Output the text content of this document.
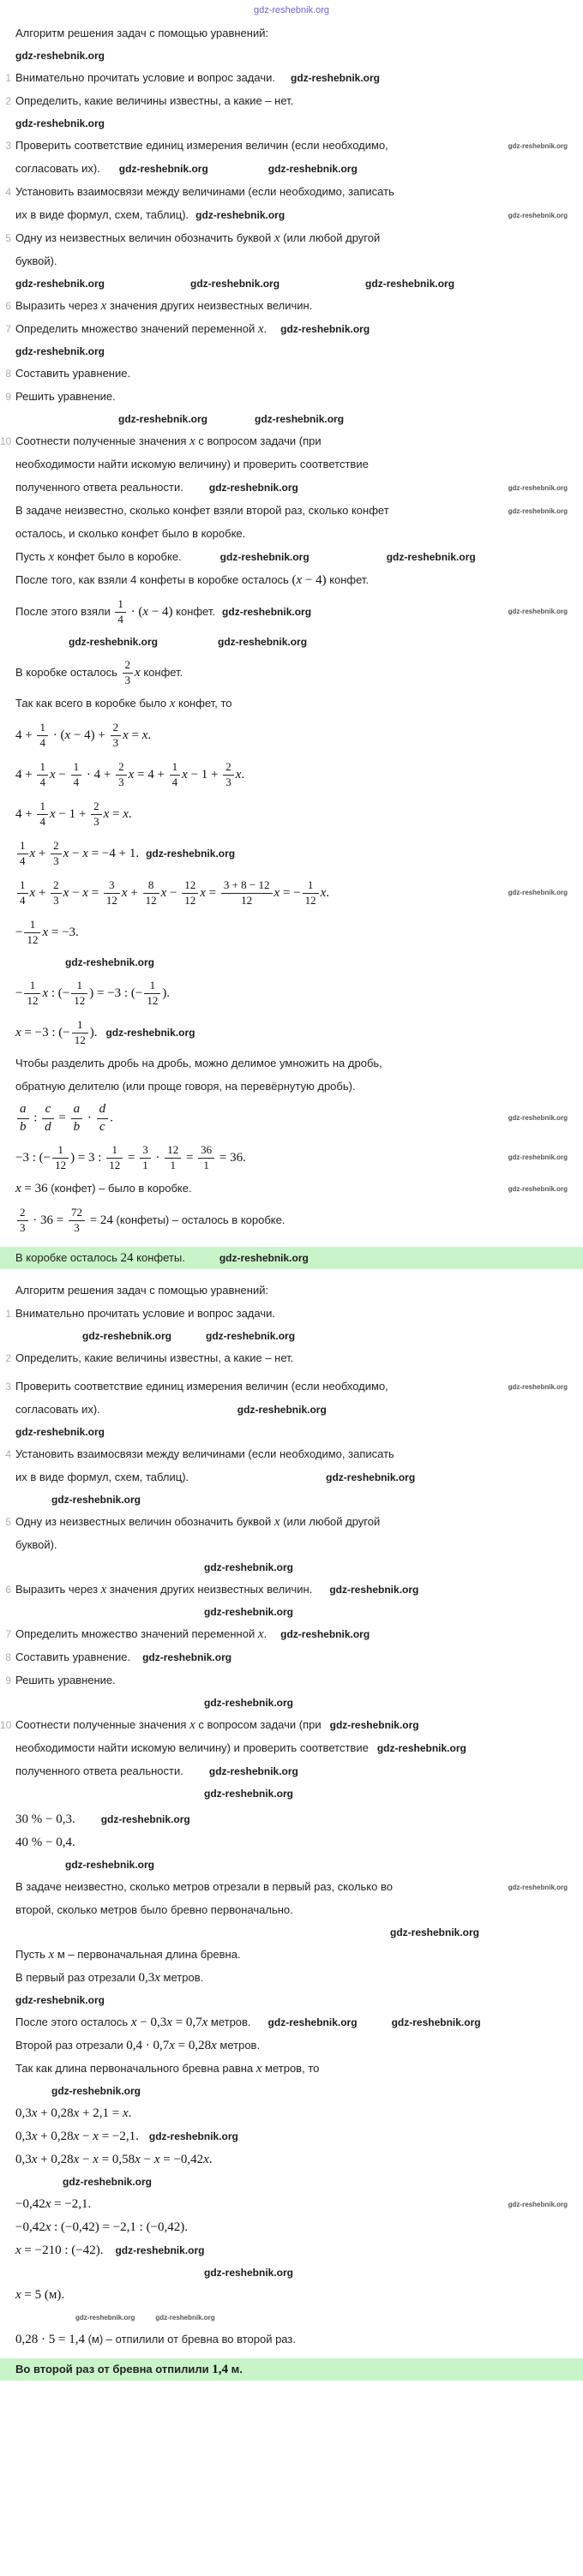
gdz-reshebnik.org
Алгоритм решения задач с помощью уравнений:
gdz-reshebnik.org
1 Внимательно прочитать условие и вопрос задачи. gdz-reshebnik.org
2 Определить, какие величины известны, а какие – нет.
gdz-reshebnik.org
3 Проверить соответствие единиц измерения величин (если необходимо,	gdz-reshebnik.org
согласовать их). gdz-reshebnik.org	gdz-reshebnik.org
4 Установить взаимосвязи между величинами (если необходимо, записать
их в виде формул, схем, таблиц). gdz-reshebnik.org	gdz-reshebnik.org
5 Одну из неизвестных величин обозначить буквой x (или любой другой
буквой).
gdz-reshebnik.org	gdz-reshebnik.org	gdz-reshebnik.org
6 Выразить через x значения других неизвестных величин.
7 Определить множество значений переменной x. gdz-reshebnik.org
gdz-reshebnik.org
8 Составить уравнение.
9 Решить уравнение.
gdz-reshebnik.org	gdz-reshebnik.org
10 Соотнести полученные значения x с вопросом задачи (при
необходимости найти искомую величину) и проверить соответствие
полученного ответа реальности.	gdz-reshebnik.org	gdz-reshebnik.org
В задаче неизвестно, сколько конфет взяли второй раз, сколько конфет	gdz-reshebnik.org
осталось, и сколько конфет было в коробке.
Пусть x конфет было в коробке.	gdz-reshebnik.org	gdz-reshebnik.org
После того, как взяли 4 конфеты в коробке осталось (x − 4) конфет.
После этого взяли $\frac{1}{4} \cdot (x - 4)$ конфет. gdz-reshebnik.org	gdz-reshebnik.org
gdz-reshebnik.org	gdz-reshebnik.org
В коробке осталось $\frac{2}{3}$ x конфет.
Так как всего в коробке было x конфет, то
$4 + \frac{1}{4} \cdot (x - 4) + \frac{2}{3}$ x = x.
$4 + \frac{1}{4}$ $x - \frac{1}{4} \cdot 4 + \frac{2}{3}$ $x = 4 + \frac{1}{4}$ $x - 1 + \frac{2}{3} x$.
$4 + \frac{1}{4}$ $x - 1 + \frac{2}{3}$ x = x.
$\frac{1}{4}$ $x + \frac{2}{3}$ x − x = −4 + 1. gdz-reshebnik.org
$\frac{1}{4}$ $x + \frac{2}{3}$ $x - x = \frac{3}{12}$ $x + \frac{8}{12}$ $x - \frac{12}{12}$ $x = \frac{3 + 8 - 12}{12}$ x = − $\frac{1}{12} x$.	gdz-reshebnik.org
− $\frac{1}{12}$ x = −3.
gdz-reshebnik.org
− $\frac{1}{12}$ x : (− $\frac{1}{12}$ ) = −3 : (− $\frac{1}{12}$ ).
x = −3 : (− $\frac{1}{12}$ ). gdz-reshebnik.org
Чтобы разделить дробь на дробь, можно делимое умножить на дробь,
обратную делителю (или проще говоря, на перевёрнутую дробь).
$\frac{a}{b}$ : $\frac{c}{d} = \frac{a}{b} \cdot \frac{d}{c}$ .	gdz-reshebnik.org
−3 : (− $\frac{1}{12}$ ) = 3 : $\frac{1}{12} = \frac{3}{1} \cdot \frac{12}{1} = \frac{36}{1} = 36$.	gdz-reshebnik.org
x = 36 (конфет) – было в коробке.	gdz-reshebnik.org
$\frac{2}{3} \cdot 36 = \frac{72}{3} = 24$ (конфеты) – осталось в коробке.
В коробке осталось 24 конфеты.	gdz-reshebnik.org
Алгоритм решения задач с помощью уравнений:
1 Внимательно прочитать условие и вопрос задачи.
gdz-reshebnik.org	gdz-reshebnik.org
2 Определить, какие величины известны, а какие – нет.
3 Проверить соответствие единиц измерения величин (если необходимо,	gdz-reshebnik.org
согласовать их).	gdz-reshebnik.org
gdz-reshebnik.org
4 Установить взаимосвязи между величинами (если необходимо, записать
их в виде формул, схем, таблиц).	gdz-reshebnik.org
gdz-reshebnik.org
5 Одну из неизвестных величин обозначить буквой x (или любой другой
буквой).
gdz-reshebnik.org
6 Выразить через x значения других неизвестных величин. gdz-reshebnik.org
gdz-reshebnik.org
7 Определить множество значений переменной x. gdz-reshebnik.org
8 Составить уравнение. gdz-reshebnik.org
9 Решить уравнение.
gdz-reshebnik.org
10 Соотнести полученные значения x с вопросом задачи (при gdz-reshebnik.org
необходимости найти искомую величину) и проверить соответствие gdz-reshebnik.org
полученного ответа реальности.	gdz-reshebnik.org
gdz-reshebnik.org
30 % − 0,3.	gdz-reshebnik.org
40 % − 0,4.
gdz-reshebnik.org
В задаче неизвестно, сколько метров отрезали в первый раз, сколько во	gdz-reshebnik.org
второй, сколько метров было бревно первоначально.
gdz-reshebnik.org
Пусть x м – первоначальная длина бревна.
В первый раз отрезали 0,3x метров.
gdz-reshebnik.org
После этого осталось x − 0,3x = 0,7x метров. gdz-reshebnik.org	gdz-reshebnik.org
Второй раз отрезали 0,4 · 0,7x = 0,28x метров.
Так как длина первоначального бревна равна x метров, то
gdz-reshebnik.org
0,3x + 0,28x + 2,1 = x.
0,3x + 0,28x − x = −2,1. gdz-reshebnik.org
0,3x + 0,28x − x = 0,58x − x = −0,42x.
gdz-reshebnik.org
−0,42x = −2,1.	gdz-reshebnik.org
−0,42x : (−0,42) = −2,1 : (−0,42).
x = −210 : (−42). gdz-reshebnik.org
gdz-reshebnik.org
x = 5 (м).
gdz-reshebnik.org	gdz-reshebnik.org
0,28 · 5 = 1,4 (м) – отпилили от бревна во второй раз.
Во второй раз от бревна отпилили 1,4 м.
